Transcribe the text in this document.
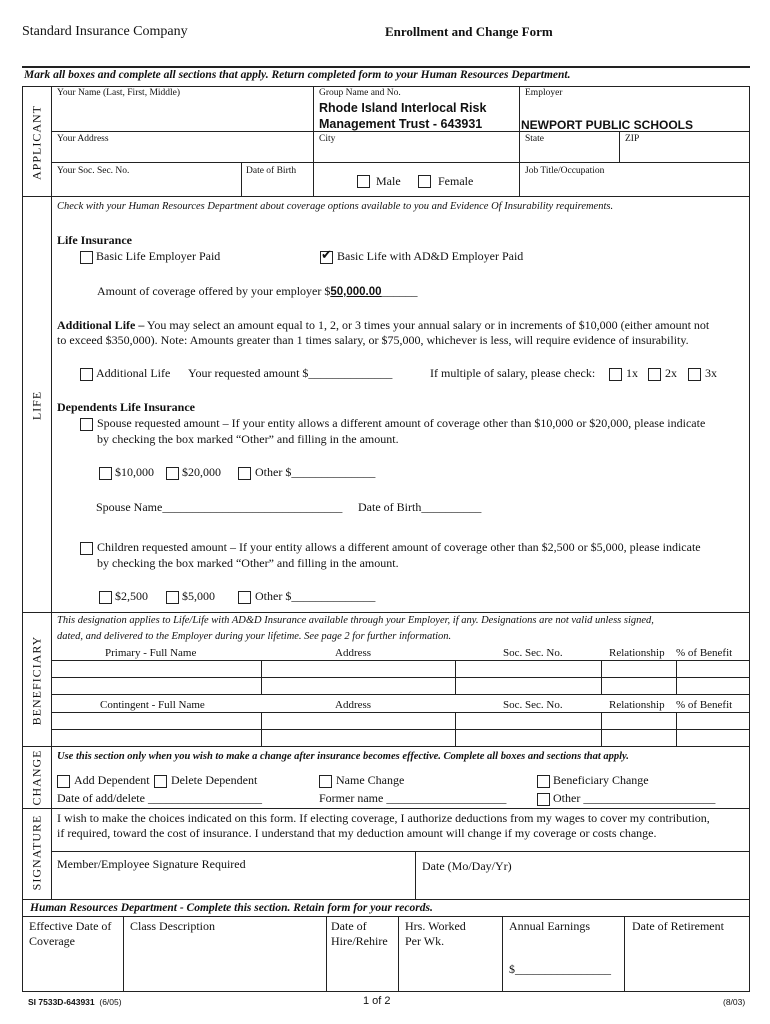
Standard Insurance Company	Enrollment and Change Form
Mark all boxes and complete all sections that apply. Return completed form to your Human Resources Department.
APPLICANT
Your Name (Last, First, Middle)	Group Name and No.
Rhode Island Interlocal Risk
Management Trust - 643931
Employer
NEWPORT PUBLIC SCHOOLS
Your Address	City	State	ZIP
Your Soc. Sec. No.	Date of Birth
Male	Female
Job Title/Occupation
LIFE
Check with your Human Resources Department about coverage options available to you and Evidence Of Insurability requirements.
Life Insurance
Basic Life Employer Paid
✔	Basic Life with AD&D Employer Paid
Amount of coverage offered by your employer $50,000.00______
Additional Life – You may select an amount equal to 1, 2, or 3 times your annual salary or in increments of $10,000 (either amount not
to exceed $350,000). Note: Amounts greater than 1 times salary, or $75,000, whichever is less, will require evidence of insurability.
Additional Life Your requested amount $______________	If multiple of salary, please check:	1x 2x 3x
Dependents Life Insurance
Spouse requested amount – If your entity allows a different amount of coverage other than $10,000 or $20,000, please indicate
by checking the box marked “Other” and filling in the amount.
$10,000 $20,000	Other $______________
Spouse Name______________________________ Date of Birth__________
Children requested amount – If your entity allows a different amount of coverage other than $2,500 or $5,000, please indicate
by checking the box marked “Other” and filling in the amount.
$2,500	$5,000	Other $______________
BENEFICIARY
This designation applies to Life/Life with AD&D Insurance available through your Employer, if any. Designations are not valid unless signed,
dated, and delivered to the Employer during your lifetime. See page 2 for further information.
Primary - Full Name	Address	Soc. Sec. No.	Relationship % of Benefit
Contingent - Full Name	Address	Soc. Sec. No.	Relationship % of Benefit
CHANGE Use this section only when you wish to make a change after insurance becomes effective. Complete all boxes and sections that apply.
Add Dependent Delete Dependent
Date of add/delete ___________________
Name Change
Former name ____________________
Beneficiary Change
Other ______________________
SIGNATURE I wish to make the choices indicated on this form. If electing coverage, I authorize deductions from my wages to cover my contribution,
if required, toward the cost of insurance. I understand that my deduction amount will change if my coverage or costs change.
Member/Employee Signature Required	Date (Mo/Day/Yr)
Human Resources Department - Complete this section. Retain form for your records.
Effective Date of
Coverage
Class Description	Date of
Hire/Rehire
Hrs. Worked
Per Wk.
Annual Earnings
$________________
Date of Retirement
SI 7533D-643931 (6/05)	1 of 2	(8/03)
